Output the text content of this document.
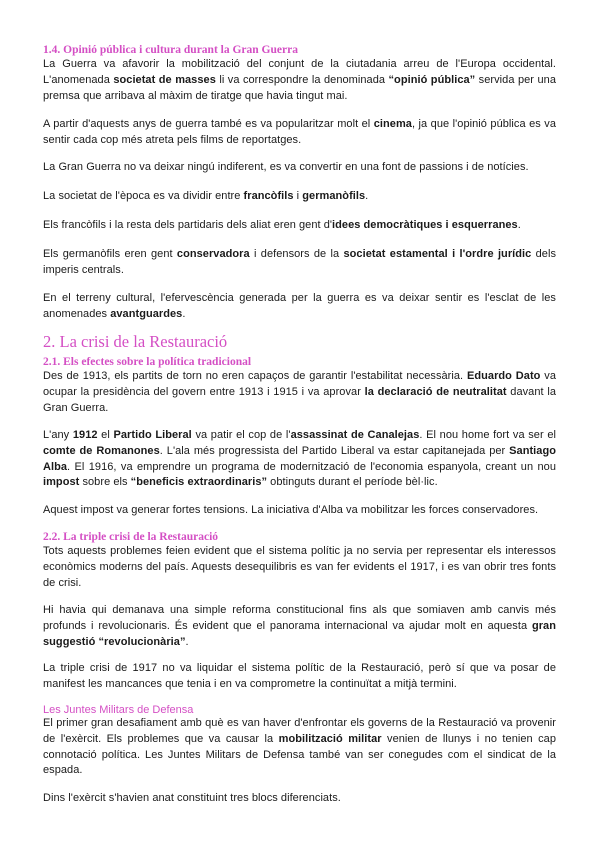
1.4. Opinió pública i cultura durant la Gran Guerra

La Guerra va afavorir la mobilització del conjunt de la ciutadania arreu de l'Europa occidental. L'anomenada societat de masses li va correspondre la denominada “opinió pública” servida per una premsa que arribava al màxim de tiratge que havia tingut mai.

A partir d'aquests anys de guerra també es va popularitzar molt el cinema, ja que l'opinió pública es va sentir cada cop més atreta pels films de reportatges.

La Gran Guerra no va deixar ningú indiferent, es va convertir en una font de passions i de notícies.

La societat de l'època es va dividir entre francòfils i germanòfils.

Els francòfils i la resta dels partidaris dels aliat eren gent d'idees democràtiques i esquerranes.

Els germanòfils eren gent conservadora i defensors de la societat estamental i l'ordre jurídic dels imperis centrals.

En el terreny cultural, l'efervescència generada per la guerra es va deixar sentir es l'esclat de les anomenades avantguardes.

2. La crisi de la Restauració
2.1. Els efectes sobre la política tradicional

Des de 1913, els partits de torn no eren capaços de garantir l'estabilitat necessària. Eduardo Dato va ocupar la presidència del govern entre 1913 i 1915 i va aprovar la declaració de neutralitat davant la Gran Guerra.

L'any 1912 el Partido Liberal va patir el cop de l'assassinat de Canalejas. El nou home fort va ser el comte de Romanones. L'ala més progressista del Partido Liberal va estar capitanejada per Santiago Alba. El 1916, va emprendre un programa de modernització de l'economia espanyola, creant un nou impost sobre els “beneficis extraordinaris” obtinguts durant el període bèl·lic.

Aquest impost va generar fortes tensions. La iniciativa d'Alba va mobilitzar les forces conservadores.

2.2. La triple crisi de la Restauració

Tots aquests problemes feien evident que el sistema polític ja no servia per representar els interessos econòmics moderns del país. Aquests desequilibris es van fer evidents el 1917, i es van obrir tres fonts de crisi.

Hi havia qui demanava una simple reforma constitucional fins als que somiaven amb canvis més profunds i revolucionaris. És evident que el panorama internacional va ajudar molt en aquesta gran suggestió “revolucionària”.

La triple crisi de 1917 no va liquidar el sistema polític de la Restauració, però sí que va posar de manifest les mancances que tenia i en va comprometre la continuïtat a mitjà termini.

Les Juntes Militars de Defensa

El primer gran desafiament amb què es van haver d'enfrontar els governs de la Restauració va provenir de l'exèrcit. Els problemes que va causar la mobilització militar venien de llunys i no tenien cap connotació política. Les Juntes Militars de Defensa també van ser conegudes com el sindicat de la espada.

Dins l'exèrcit s'havien anat constituint tres blocs diferenciats.
